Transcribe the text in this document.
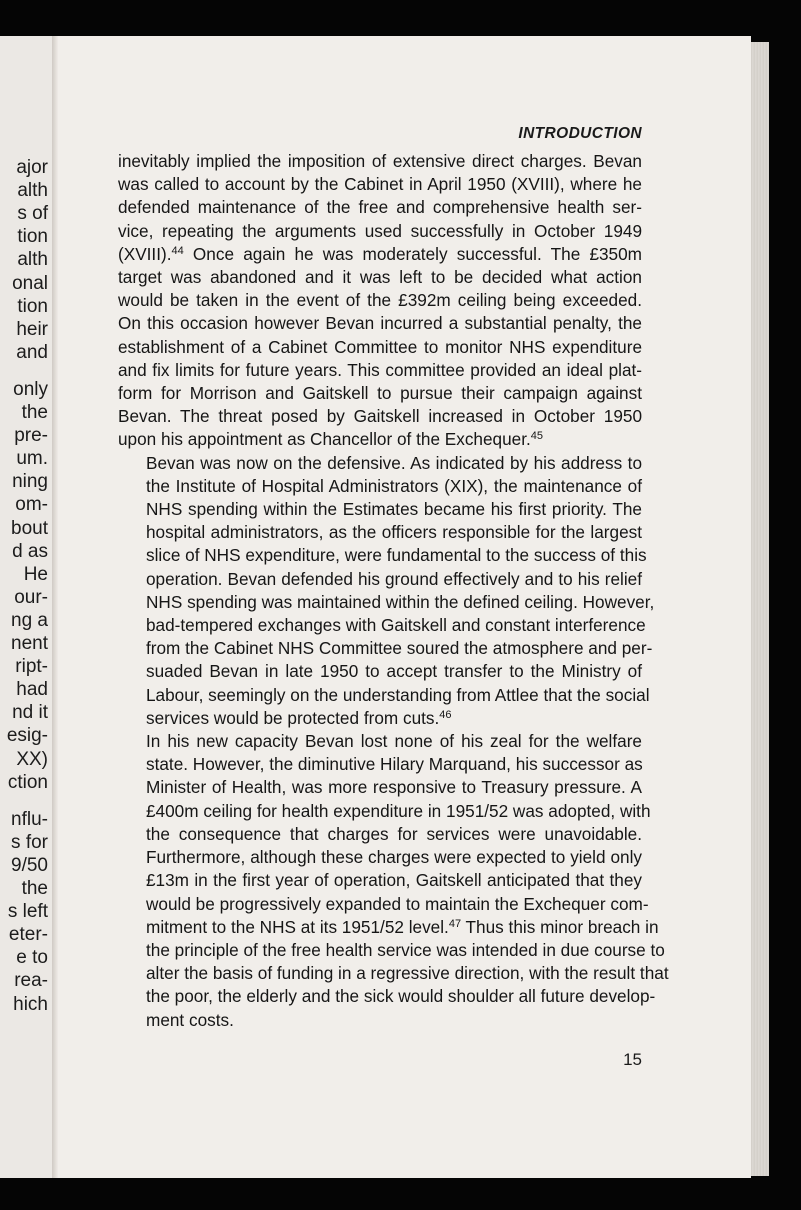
ajor
alth
s of
tion
alth
onal
tion
heir
and
only
the
pre-
um.
ning
om-
bout
d as
He
our-
ng a
nent
ript-
had
nd it
esig-
XX)
ction
nflu-
s for
9/50
the
s left
eter-
e to
rea-
hich
INTRODUCTION
inevitably implied the imposition of extensive direct charges. Bevan
was called to account by the Cabinet in April 1950 (XVIII), where he
defended maintenance of the free and comprehensive health ser-
vice, repeating the arguments used successfully in October 1949
(XVIII).$^{44}$ Once again he was moderately successful. The £350m
target was abandoned and it was left to be decided what action
would be taken in the event of the £392m ceiling being exceeded.
On this occasion however Bevan incurred a substantial penalty, the
establishment of a Cabinet Committee to monitor NHS expenditure
and fix limits for future years. This committee provided an ideal plat-
form for Morrison and Gaitskell to pursue their campaign against
Bevan. The threat posed by Gaitskell increased in October 1950
upon his appointment as Chancellor of the Exchequer.$^{45}$
Bevan was now on the defensive. As indicated by his address to
the Institute of Hospital Administrators (XIX), the maintenance of
NHS spending within the Estimates became his first priority. The
hospital administrators, as the officers responsible for the largest
slice of NHS expenditure, were fundamental to the success of this
operation. Bevan defended his ground effectively and to his relief
NHS spending was maintained within the defined ceiling. However,
bad-tempered exchanges with Gaitskell and constant interference
from the Cabinet NHS Committee soured the atmosphere and per-
suaded Bevan in late 1950 to accept transfer to the Ministry of
Labour, seemingly on the understanding from Attlee that the social
services would be protected from cuts.$^{46}$
In his new capacity Bevan lost none of his zeal for the welfare
state. However, the diminutive Hilary Marquand, his successor as
Minister of Health, was more responsive to Treasury pressure. A
£400m ceiling for health expenditure in 1951/52 was adopted, with
the consequence that charges for services were unavoidable.
Furthermore, although these charges were expected to yield only
£13m in the first year of operation, Gaitskell anticipated that they
would be progressively expanded to maintain the Exchequer com-
mitment to the NHS at its 1951/52 level.$^{47}$ Thus this minor breach in
the principle of the free health service was intended in due course to
alter the basis of funding in a regressive direction, with the result that
the poor, the elderly and the sick would shoulder all future develop-
ment costs.
15
